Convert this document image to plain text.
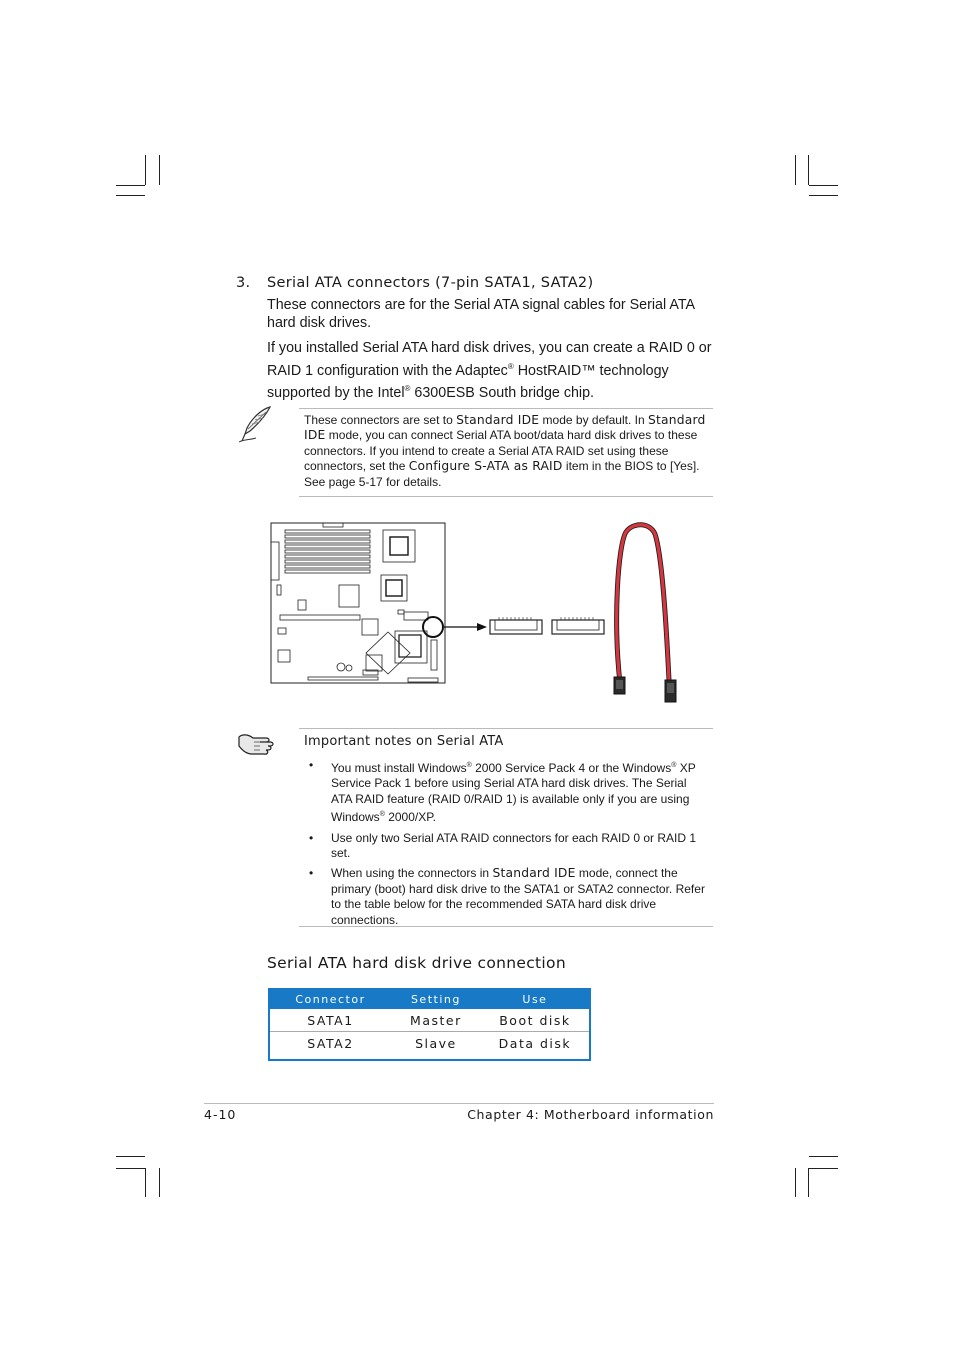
3. Serial ATA connectors (7-pin SATA1, SATA2)
These connectors are for the Serial ATA signal cables for Serial ATA hard disk drives.
If you installed Serial ATA hard disk drives, you can create a RAID 0 or RAID 1 configuration with the Adaptec® HostRAID™ technology supported by the Intel® 6300ESB South bridge chip.
These connectors are set to Standard IDE mode by default. In Standard IDE mode, you can connect Serial ATA boot/data hard disk drives to these connectors. If you intend to create a Serial ATA RAID set using these connectors, set the Configure S-ATA as RAID item in the BIOS to [Yes]. See page 5-17 for details.
Important notes on Serial ATA
• You must install Windows® 2000 Service Pack 4 or the Windows® XP Service Pack 1 before using Serial ATA hard disk drives. The Serial ATA RAID feature (RAID 0/RAID 1) is available only if you are using Windows® 2000/XP.
• Use only two Serial ATA RAID connectors for each RAID 0 or RAID 1 set.
• When using the connectors in Standard IDE mode, connect the primary (boot) hard disk drive to the SATA1 or SATA2 connector. Refer to the table below for the recommended SATA hard disk drive connections.
Serial ATA hard disk drive connection
Connector	Setting	Use
SATA1	Master	Boot disk
SATA2	Slave	Data disk
4-10	Chapter 4: Motherboard information
